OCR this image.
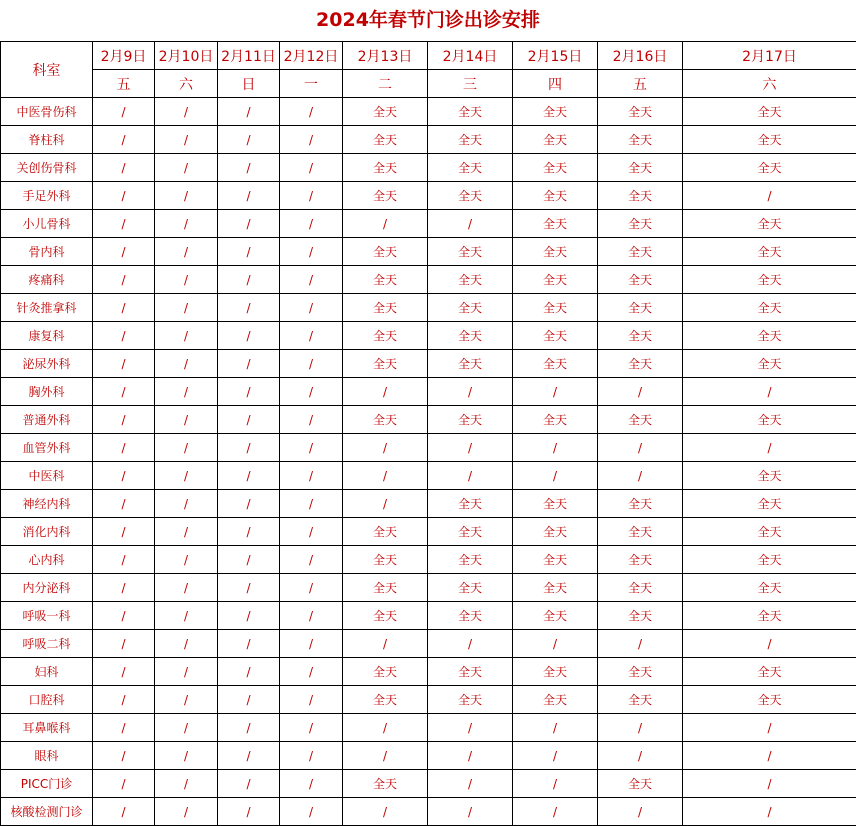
2024年春节门诊出诊安排
科室	2月9日	2月10日	2月11日	2月12日	2月13日	2月14日	2月15日	2月16日	2月17日
	五	六	日	一	二	三	四	五	六
中医骨伤科	/	/	/	/	全天	全天	全天	全天	全天
脊柱科	/	/	/	/	全天	全天	全天	全天	全天
关创伤骨科	/	/	/	/	全天	全天	全天	全天	全天
手足外科	/	/	/	/	全天	全天	全天	全天	/
小儿骨科	/	/	/	/	/	/	全天	全天	全天
骨内科	/	/	/	/	全天	全天	全天	全天	全天
疼痛科	/	/	/	/	全天	全天	全天	全天	全天
针灸推拿科	/	/	/	/	全天	全天	全天	全天	全天
康复科	/	/	/	/	全天	全天	全天	全天	全天
泌尿外科	/	/	/	/	全天	全天	全天	全天	全天
胸外科	/	/	/	/	/	/	/	/	/
普通外科	/	/	/	/	全天	全天	全天	全天	全天
血管外科	/	/	/	/	/	/	/	/	/
中医科	/	/	/	/	/	/	/	/	全天
神经内科	/	/	/	/	/	全天	全天	全天	全天
消化内科	/	/	/	/	全天	全天	全天	全天	全天
心内科	/	/	/	/	全天	全天	全天	全天	全天
内分泌科	/	/	/	/	全天	全天	全天	全天	全天
呼吸一科	/	/	/	/	全天	全天	全天	全天	全天
呼吸二科	/	/	/	/	/	/	/	/	/
妇科	/	/	/	/	全天	全天	全天	全天	全天
口腔科	/	/	/	/	全天	全天	全天	全天	全天
耳鼻喉科	/	/	/	/	/	/	/	/	/
眼科	/	/	/	/	/	/	/	/	/
PICC门诊	/	/	/	/	全天	/	/	全天	/
核酸检测门诊	/	/	/	/	/	/	/	/	/
